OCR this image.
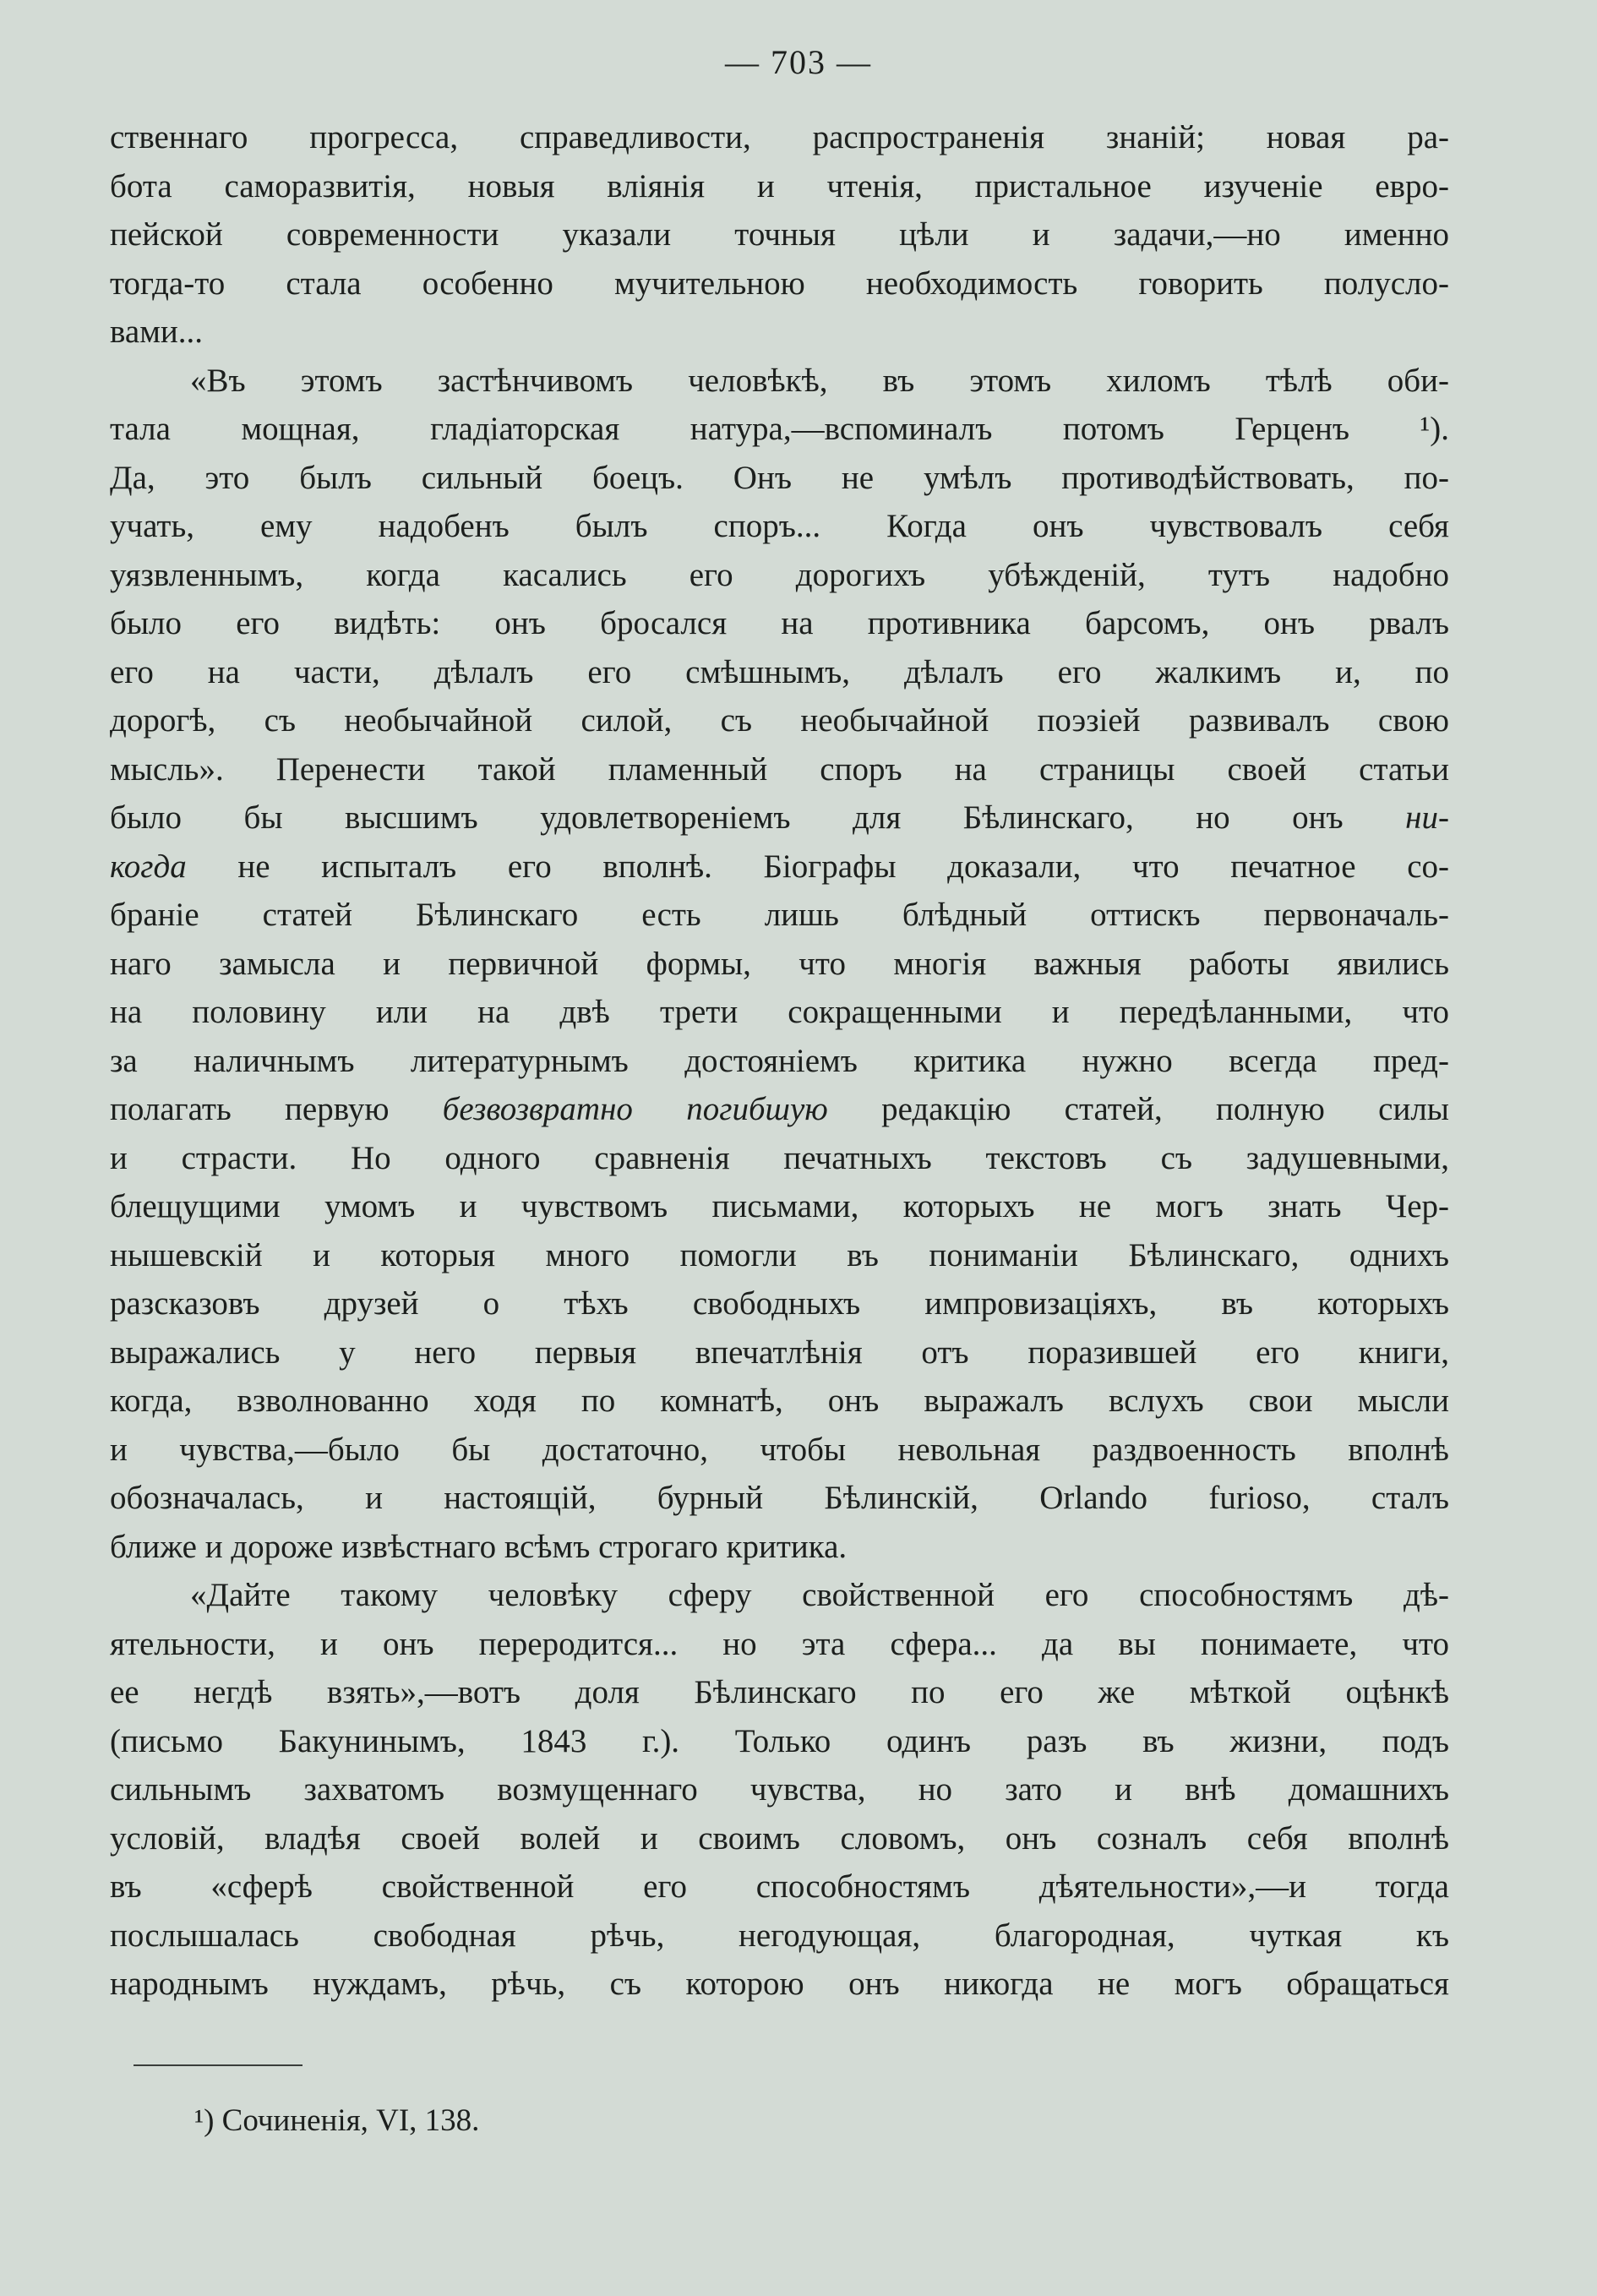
— 703 —
ственнаго прогресса, справедливости, распространенія знаній; новая ра-
бота саморазвитія, новыя вліянія и чтенія, пристальное изученіе евро-
пейской современности указали точныя цѣли и задачи,—но именно
тогда-то стала особенно мучительною необходимость говорить полусло-
вами...
«Въ этомъ застѣнчивомъ человѣкѣ, въ этомъ хиломъ тѣлѣ оби-
тала мощная, гладіаторская натура,—вспоминалъ потомъ Герценъ ¹).
Да, это былъ сильный боецъ. Онъ не умѣлъ противодѣйствовать, по-
учать, ему надобенъ былъ споръ... Когда онъ чувствовалъ себя
уязвленнымъ, когда касались его дорогихъ убѣжденій, тутъ надобно
было его видѣть: онъ бросался на противника барсомъ, онъ рвалъ
его на части, дѣлалъ его смѣшнымъ, дѣлалъ его жалкимъ и, по
дорогѣ, съ необычайной силой, съ необычайной поэзіей развивалъ свою
мысль». Перенести такой пламенный споръ на страницы своей статьи
было бы высшимъ удовлетвореніемъ для Бѣлинскаго, но онъ ни-
когда не испыталъ его вполнѣ. Біографы доказали, что печатное со-
браніе статей Бѣлинскаго есть лишь блѣдный оттискъ первоначаль-
наго замысла и первичной формы, что многія важныя работы явились
на половину или на двѣ трети сокращенными и передѣланными, что
за наличнымъ литературнымъ достояніемъ критика нужно всегда пред-
полагать первую безвозвратно погибшую редакцію статей, полную силы
и страсти. Но одного сравненія печатныхъ текстовъ съ задушевными,
блещущими умомъ и чувствомъ письмами, которыхъ не могъ знать Чер-
нышевскій и которыя много помогли въ пониманіи Бѣлинскаго, однихъ
разсказовъ друзей о тѣхъ свободныхъ импровизаціяхъ, въ которыхъ
выражались у него первыя впечатлѣнія отъ поразившей его книги,
когда, взволнованно ходя по комнатѣ, онъ выражалъ вслухъ свои мысли
и чувства,—было бы достаточно, чтобы невольная раздвоенность вполнѣ
обозначалась, и настоящій, бурный Бѣлинскій, Orlando furioso, сталъ
ближе и дороже извѣстнаго всѣмъ строгаго критика.
«Дайте такому человѣку сферу свойственной его способностямъ дѣ-
ятельности, и онъ переродится... но эта сфера... да вы понимаете, что
ее негдѣ взять»,—вотъ доля Бѣлинскаго по его же мѣткой оцѣнкѣ
(письмо Бакунинымъ, 1843 г.). Только одинъ разъ въ жизни, подъ
сильнымъ захватомъ возмущеннаго чувства, но зато и внѣ домашнихъ
условій, владѣя своей волей и своимъ словомъ, онъ созналъ себя вполнѣ
въ «сферѣ свойственной его способностямъ дѣятельности»,—и тогда
послышалась свободная рѣчь, негодующая, благородная, чуткая къ
народнымъ нуждамъ, рѣчь, съ которою онъ никогда не могъ обращаться
¹) Сочиненія, VI, 138.
